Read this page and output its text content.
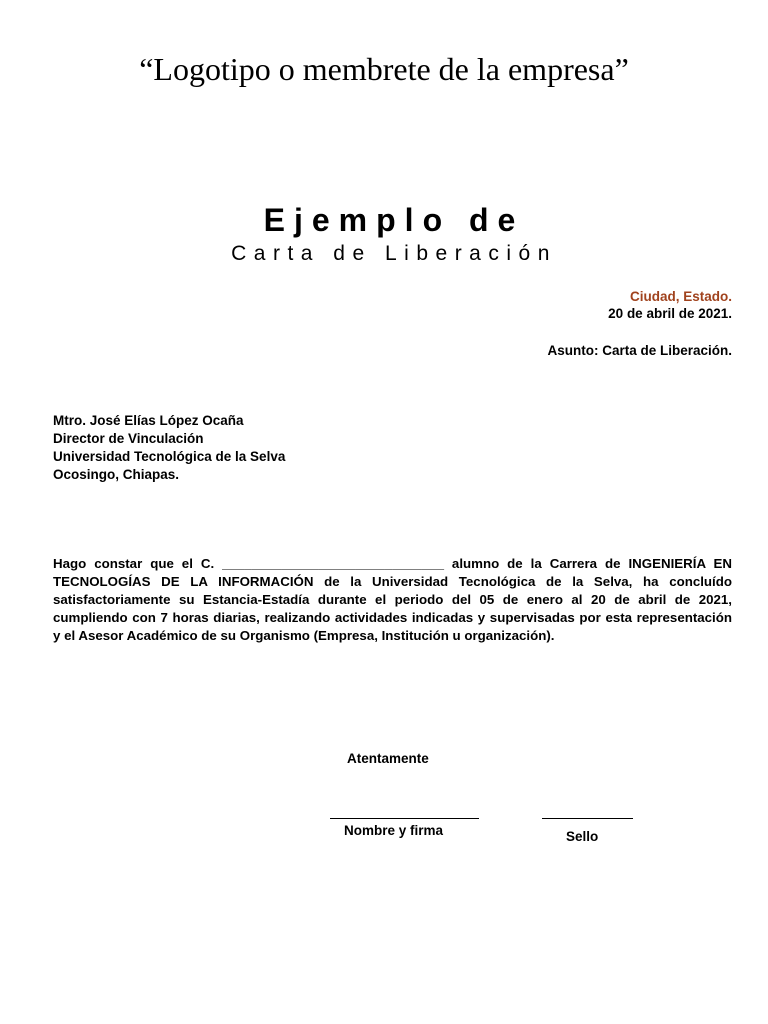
“Logotipo o membrete de la empresa”
Ejemplo de
Carta de Liberación
Ciudad, Estado.
20 de abril de 2021.
Asunto: Carta de Liberación.
Mtro. José Elías López Ocaña
Director de Vinculación
Universidad Tecnológica de la Selva
Ocosingo, Chiapas.
Hago constar que el C. ______________________________ alumno de la Carrera de INGENIERÍA EN TECNOLOGÍAS DE LA INFORMACIÓN de la Universidad Tecnológica de la Selva, ha concluído satisfactoriamente su Estancia-Estadía durante el periodo del 05 de enero al 20 de abril de 2021, cumpliendo con 7 horas diarias, realizando actividades indicadas y supervisadas por esta representación y el Asesor Académico de su Organismo (Empresa, Institución u organización).
Atentamente
Nombre y firma	Sello
